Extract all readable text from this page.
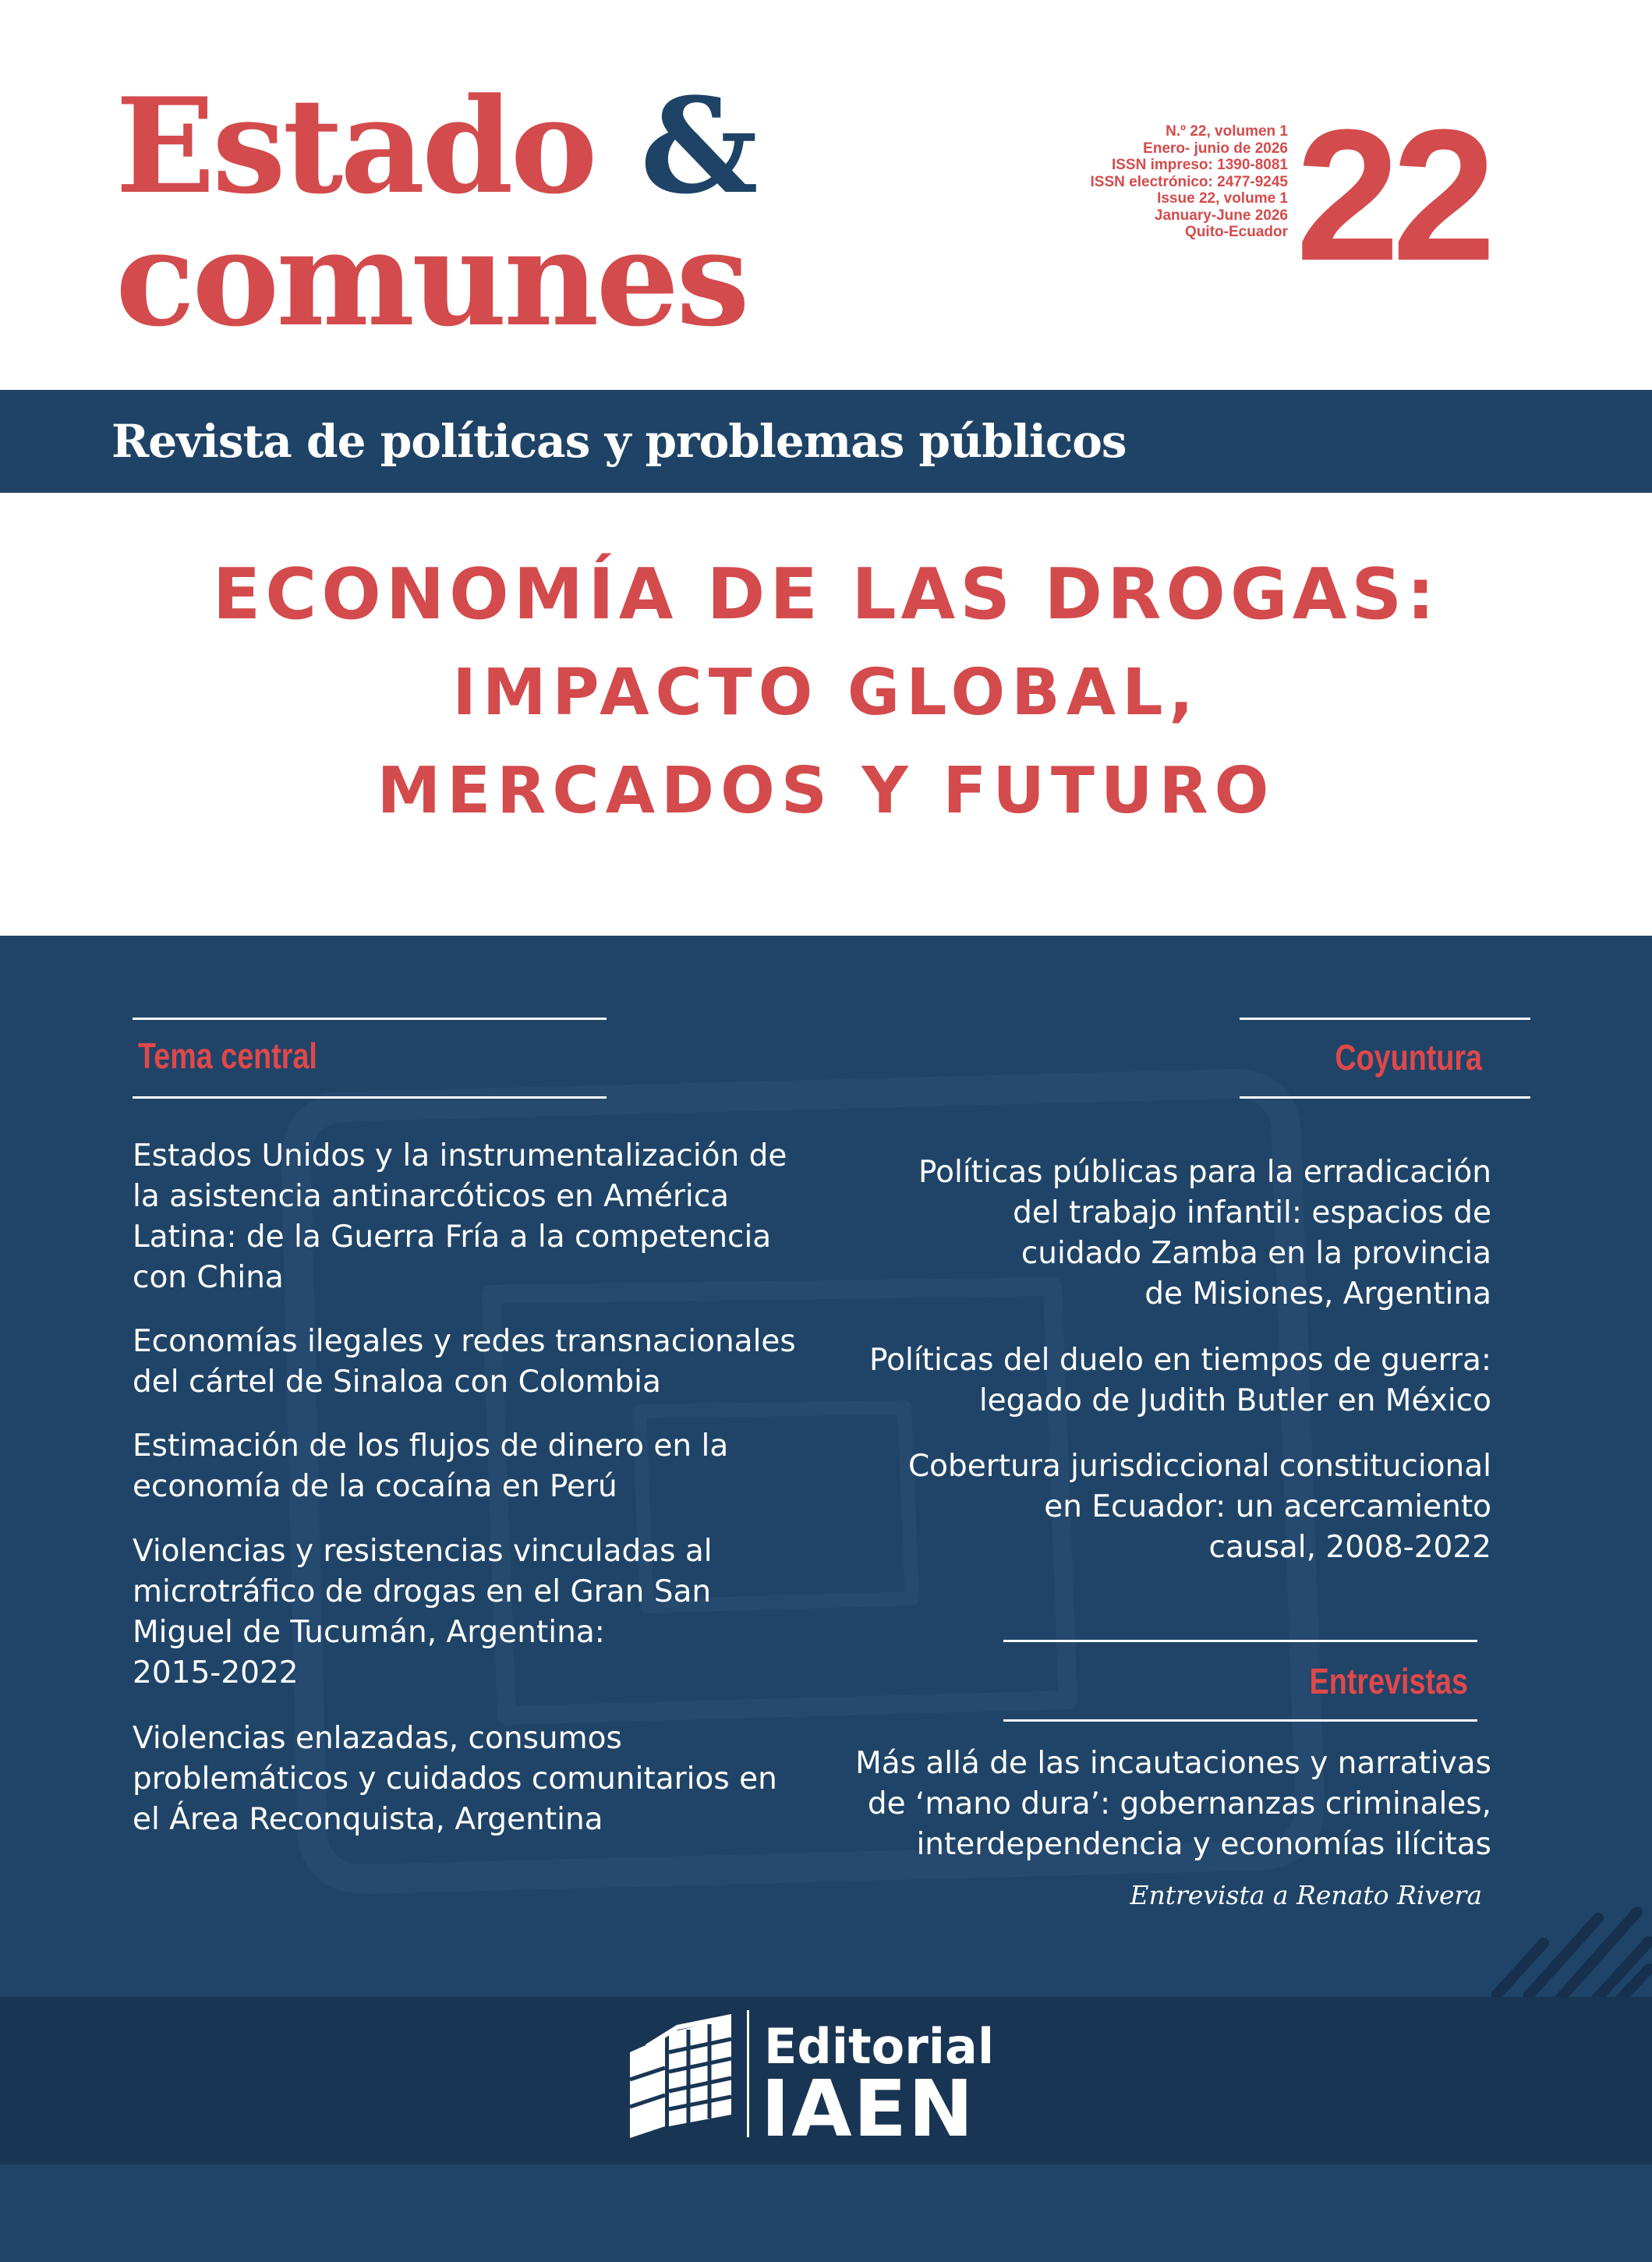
Estado &
comunes
N.º 22, volumen 1
Enero- junio de 2026
ISSN impreso: 1390-8081
ISSN electrónico: 2477-9245
Issue 22, volume 1
January-June 2026
Quito-Ecuador 22
Revista de políticas y problemas públicos
ECONOMÍA DE LAS DROGAS:
IMPACTO GLOBAL,
MERCADOS Y FUTURO
Tema central
Estados Unidos y la instrumentalización de
la asistencia antinarcóticos en América
Latina: de la Guerra Fría a la competencia
con China
Economías ilegales y redes transnacionales
del cártel de Sinaloa con Colombia
Estimación de los flujos de dinero en la
economía de la cocaína en Perú
Violencias y resistencias vinculadas al
microtráfico de drogas en el Gran San
Miguel de Tucumán, Argentina:
2015-2022
Violencias enlazadas, consumos
problemáticos y cuidados comunitarios en
el Área Reconquista, Argentina
Coyuntura
Políticas públicas para la erradicación
del trabajo infantil: espacios de
cuidado Zamba en la provincia
de Misiones, Argentina
Políticas del duelo en tiempos de guerra:
legado de Judith Butler en México
Cobertura jurisdiccional constitucional
en Ecuador: un acercamiento
causal, 2008-2022
Entrevistas
Más allá de las incautaciones y narrativas
de ‘mano dura’: gobernanzas criminales,
interdependencia y economías ilícitas
Entrevista a Renato Rivera
Editorial
IAEN
